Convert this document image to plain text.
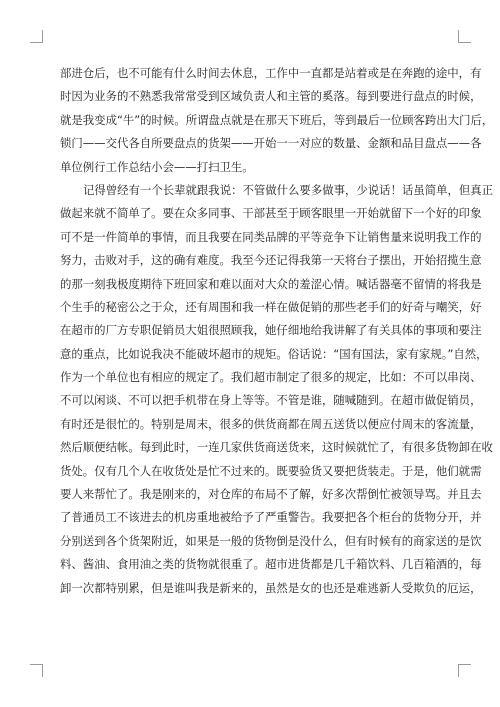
部进仓后，也不可能有什么时间去休息，工作中一直都是站着或是在奔跑的途中，有
时因为业务的不熟悉我常常受到区域负责人和主管的奚落。每到要进行盘点的时候，
就是我变成“牛”的时候。所谓盘点就是在那天下班后，等到最后一位顾客跨出大门后，
锁门——交代各自所要盘点的货架——开始一一对应的数量、金额和品目盘点——各
单位例行工作总结小会——打扫卫生。
记得曾经有一个长辈就跟我说：不管做什么要多做事，少说话！话虽简单，但真正
做起来就不简单了。要在众多同事、干部甚至于顾客眼里一开始就留下一个好的印象
可不是一件简单的事情，而且我要在同类品牌的平等竞争下让销售量来说明我工作的
努力，击败对手，这的确有难度。我至今还记得我第一天将台子摆出，开始招揽生意
的那一刻我极度期待下班回家和难以面对大众的羞涩心情。喊话器毫不留情的将我是
个生手的秘密公之于众，还有周围和我一样在做促销的那些老手们的好奇与嘲笑，好
在超市的厂方专职促销员大姐很照顾我，她仔细地给我讲解了有关具体的事项和要注
意的重点，比如说我决不能破坏超市的规矩。俗话说：“国有国法，家有家规。”自然，
作为一个单位也有相应的规定了。我们超市制定了很多的规定，比如：不可以串岗、
不可以闲谈、不可以把手机带在身上等等。不管是谁，随喊随到。在超市做促销员，
有时还是很忙的。特别是周末，很多的供货商都在周五送货以便应付周末的客流量，
然后顺便结帐。每到此时，一连几家供货商送货来，这时候就忙了，有很多货物卸在收
货处。仅有几个人在收货处是忙不过来的。既要验货又要把货装走。于是，他们就需
要人来帮忙了。我是刚来的，对仓库的布局不了解，好多次帮倒忙被领导骂。并且去
了普通员工不该进去的机房重地被给予了严重警告。我要把各个柜台的货物分开，并
分别送到各个货架附近，如果是一般的货物倒是没什么，但有时候有的商家送的是饮
料、酱油、食用油之类的货物就很重了。超市进货都是几千箱饮料、几百箱酒的，每
卸一次都特别累，但是谁叫我是新来的，虽然是女的也还是难逃新人受欺负的厄运，
